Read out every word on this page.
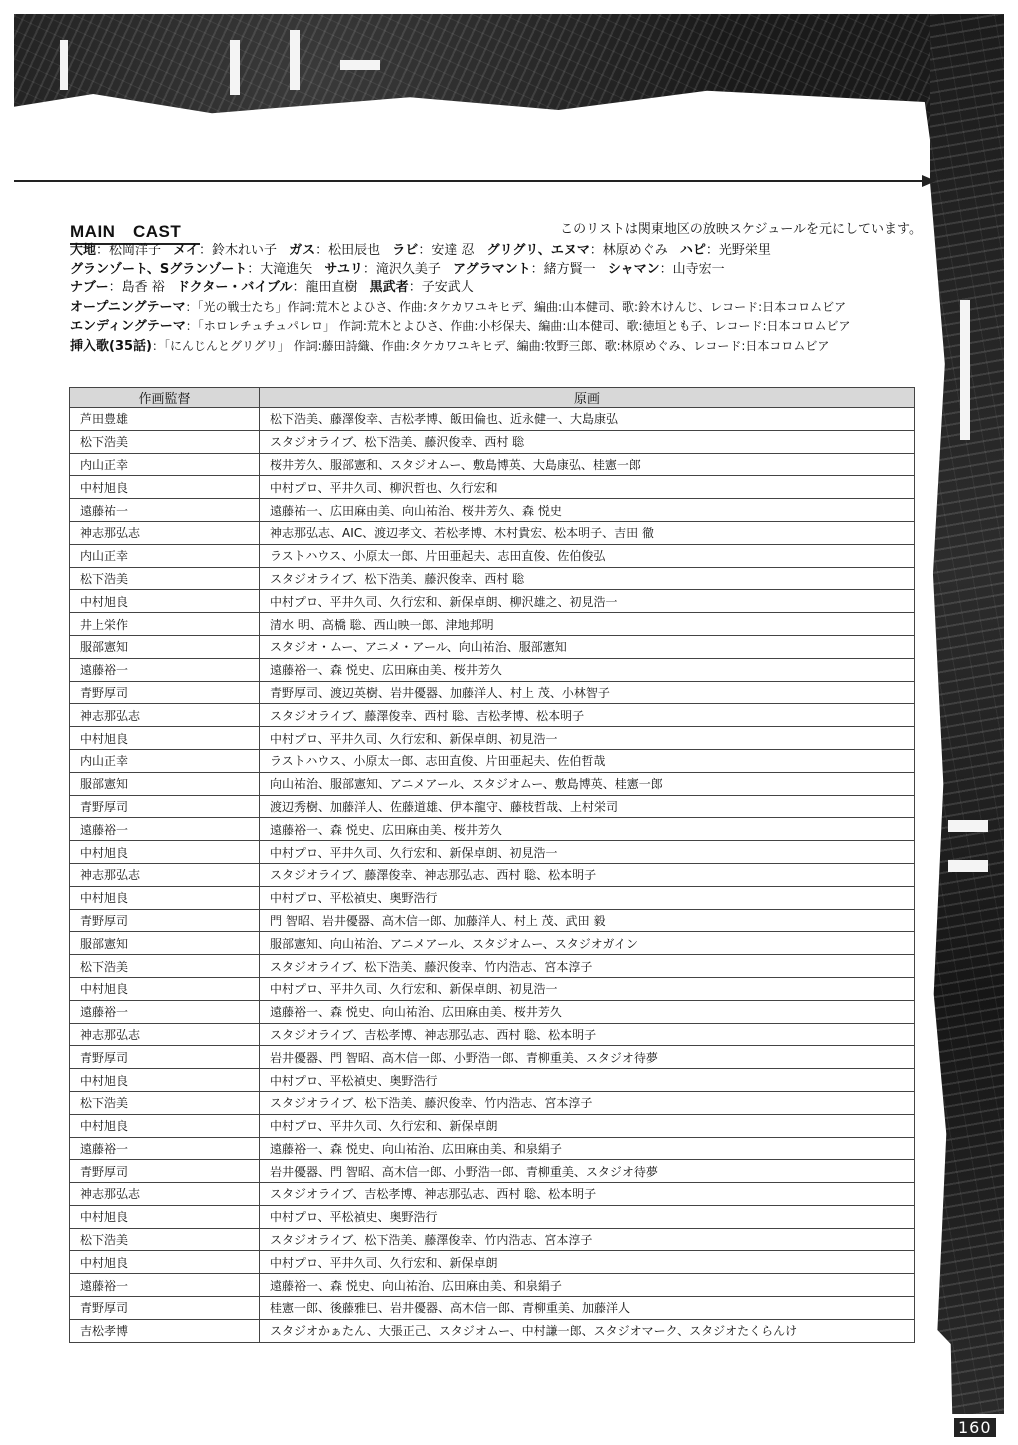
MAIN　CAST	このリストは関東地区の放映スケジュールを元にしています。
大地：松岡洋子 メイ：鈴木れい子 ガス：松田辰也 ラビ：安達 忍 グリグリ、エヌマ：林原めぐみ ハピ：光野栄里
グランゾート、Sグランゾート：大滝進矢 サユリ：滝沢久美子 アグラマント：緒方賢一 シャマン：山寺宏一
ナブー：島香 裕 ドクター・バイブル：龍田直樹 黒武者：子安武人
オープニングテーマ：「光の戦士たち」作詞:荒木とよひさ、作曲:タケカワユキヒデ、編曲:山本健司、歌:鈴木けんじ、レコード:日本コロムビア
エンディングテーマ：「ホロレチュチュパレロ」 作詞:荒木とよひさ、作曲:小杉保夫、編曲:山本健司、歌:徳垣とも子、レコード:日本コロムビア
挿入歌(35話)：「にんじんとグリグリ」 作詞:藤田詩織、作曲:タケカワユキヒデ、編曲:牧野三郎、歌:林原めぐみ、レコード:日本コロムビア
作画監督	原画
芦田豊雄	松下浩美、藤澤俊幸、吉松孝博、飯田倫也、近永健一、大島康弘
松下浩美	スタジオライブ、松下浩美、藤沢俊幸、西村 聡
内山正幸	桜井芳久、服部憲和、スタジオムー、敷島博英、大島康弘、桂憲一郎
中村旭良	中村プロ、平井久司、柳沢哲也、久行宏和
遠藤祐一	遠藤祐一、広田麻由美、向山祐治、桜井芳久、森 悦史
神志那弘志	神志那弘志、AIC、渡辺孝文、若松孝博、木村貴宏、松本明子、吉田 徹
内山正幸	ラストハウス、小原太一郎、片田亜起夫、志田直俊、佐伯俊弘
松下浩美	スタジオライブ、松下浩美、藤沢俊幸、西村 聡
中村旭良	中村プロ、平井久司、久行宏和、新保卓朗、柳沢雄之、初見浩一
井上栄作	清水 明、高橋 聡、西山映一郎、津地邦明
服部憲知	スタジオ・ムー、アニメ・アール、向山祐治、服部憲知
遠藤裕一	遠藤裕一、森 悦史、広田麻由美、桜井芳久
青野厚司	青野厚司、渡辺英樹、岩井優器、加藤洋人、村上 茂、小林智子
神志那弘志	スタジオライブ、藤澤俊幸、西村 聡、吉松孝博、松本明子
中村旭良	中村プロ、平井久司、久行宏和、新保卓朗、初見浩一
内山正幸	ラストハウス、小原太一郎、志田直俊、片田亜起夫、佐伯哲哉
服部憲知	向山祐治、服部憲知、アニメアール、スタジオムー、敷島博英、桂憲一郎
青野厚司	渡辺秀樹、加藤洋人、佐藤道雄、伊本龍守、藤枝哲哉、上村栄司
遠藤裕一	遠藤裕一、森 悦史、広田麻由美、桜井芳久
中村旭良	中村プロ、平井久司、久行宏和、新保卓朗、初見浩一
神志那弘志	スタジオライブ、藤澤俊幸、神志那弘志、西村 聡、松本明子
中村旭良	中村プロ、平松禎史、奥野浩行
青野厚司	門 智昭、岩井優器、高木信一郎、加藤洋人、村上 茂、武田 毅
服部憲知	服部憲知、向山祐治、アニメアール、スタジオムー、スタジオガイン
松下浩美	スタジオライブ、松下浩美、藤沢俊幸、竹内浩志、宮本淳子
中村旭良	中村プロ、平井久司、久行宏和、新保卓朗、初見浩一
遠藤裕一	遠藤裕一、森 悦史、向山祐治、広田麻由美、桜井芳久
神志那弘志	スタジオライブ、吉松孝博、神志那弘志、西村 聡、松本明子
青野厚司	岩井優器、門 智昭、高木信一郎、小野浩一郎、青柳重美、スタジオ待夢
中村旭良	中村プロ、平松禎史、奥野浩行
松下浩美	スタジオライブ、松下浩美、藤沢俊幸、竹内浩志、宮本淳子
中村旭良	中村プロ、平井久司、久行宏和、新保卓朗
遠藤裕一	遠藤裕一、森 悦史、向山祐治、広田麻由美、和泉絹子
青野厚司	岩井優器、門 智昭、高木信一郎、小野浩一郎、青柳重美、スタジオ待夢
神志那弘志	スタジオライブ、吉松孝博、神志那弘志、西村 聡、松本明子
中村旭良	中村プロ、平松禎史、奥野浩行
松下浩美	スタジオライブ、松下浩美、藤澤俊幸、竹内浩志、宮本淳子
中村旭良	中村プロ、平井久司、久行宏和、新保卓朗
遠藤裕一	遠藤裕一、森 悦史、向山祐治、広田麻由美、和泉絹子
青野厚司	桂憲一郎、後藤雅巳、岩井優器、高木信一郎、青柳重美、加藤洋人
吉松孝博	スタジオかぁたん、大張正己、スタジオムー、中村謙一郎、スタジオマーク、スタジオたくらんけ
160
